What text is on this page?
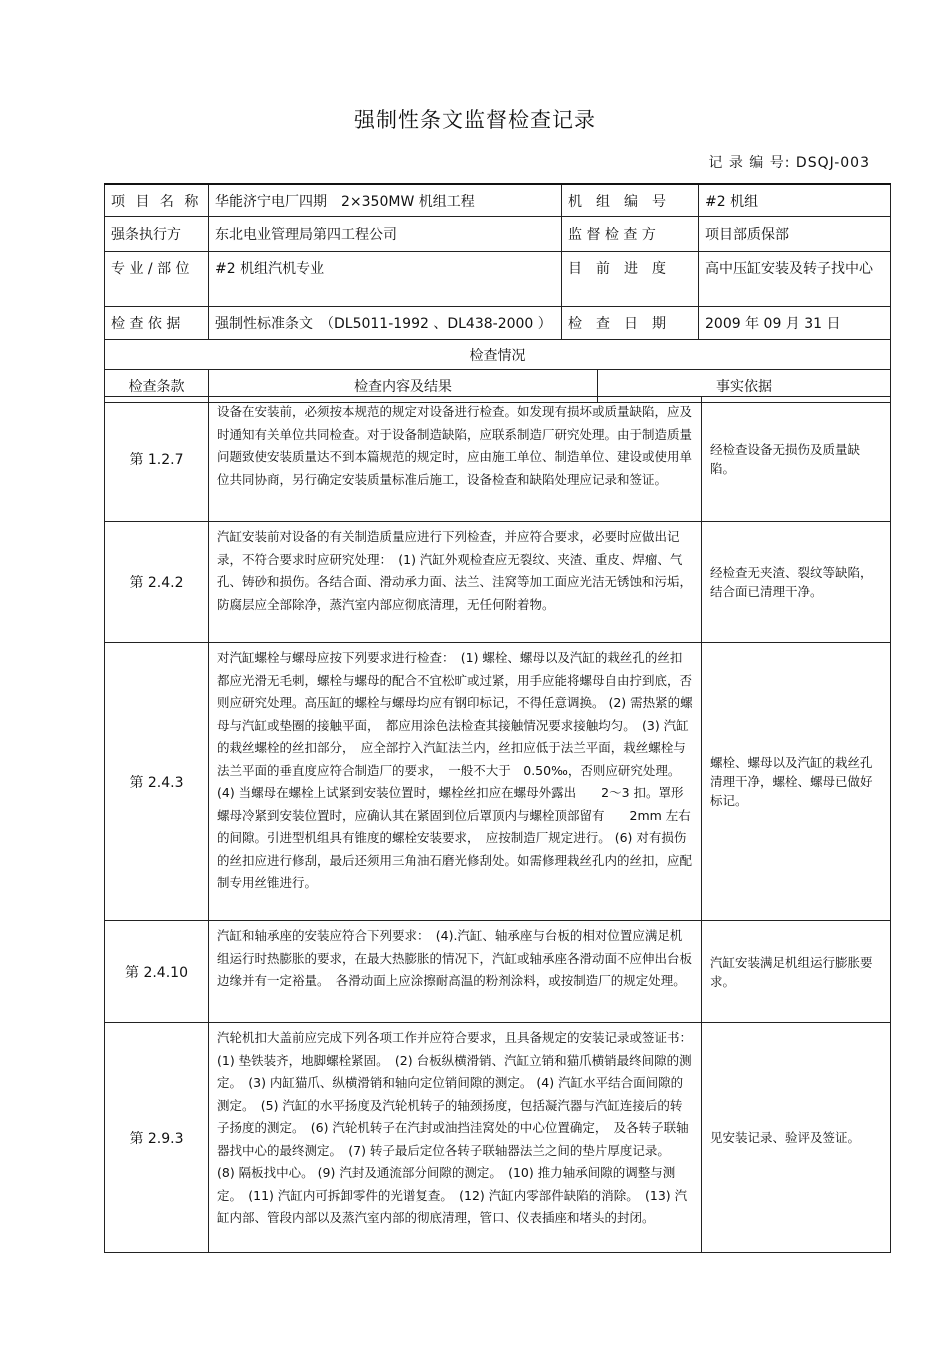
强制性条文监督检查记录
记 录 编 号: DSQJ-003
项 目 名 称	华能济宁电厂四期　2×350MW 机组工程	机　组　编　号 #2 机组	

强条执行方	东北电业管理局第四工程公司	监 督 检 查 方 项目部质保部	

专 业 / 部 位	#2 机组汽机专业	目　前　进　度 高中压缸安装及转子找中心	

检 查 依 据	强制性标准条文　（DL5011-1992 、DL438-2000 ）	检　查　日　期 2009 年 09 月 31 日	

检查情况			
检查条款	检查内容及结果		事实依据
第 1.2.7	设备在安装前，必须按本规范的规定对设备进行检查。如发现有损坏或质量缺陷，应及时通知有关单位共同检查。对于设备制造缺陷，应联系制造厂研究处理。由于制造质量问题致使安装质量达不到本篇规范的规定时，应由施工单位、制造单位、建设或使用单位共同协商，另行确定安装质量标准后施工，设备检查和缺陷处理应记录和签证。	经检查设备无损伤及质量缺陷。
第 2.4.2	汽缸安装前对设备的有关制造质量应进行下列检查，并应符合要求，必要时应做出记录，不符合要求时应研究处理：　(1) 汽缸外观检查应无裂纹、夹渣、重皮、焊瘤、气孔、铸砂和损伤。各结合面、滑动承力面、法兰、洼窝等加工面应光洁无锈蚀和污垢，防腐层应全部除净，蒸汽室内部应彻底清理，无任何附着物。	经检查无夹渣、裂纹等缺陷，结合面已清理干净。
第 2.4.3	对汽缸螺栓与螺母应按下列要求进行检查：　(1) 螺栓、螺母以及汽缸的栽丝孔的丝扣都应光滑无毛刺，螺栓与螺母的配合不宜松旷或过紧，用手应能将螺母自由拧到底，否则应研究处理。高压缸的螺栓与螺母均应有钢印标记，不得任意调换。 (2) 需热紧的螺母与汽缸或垫圈的接触平面，　都应用涂色法检查其接触情况要求接触均匀。　(3) 汽缸的栽丝螺栓的丝扣部分，　应全部拧入汽缸法兰内，丝扣应低于法兰平面，栽丝螺栓与法兰平面的垂直度应符合制造厂的要求，　一般不大于　0.50‰，否则应研究处理。 (4) 当螺母在螺栓上试紧到安装位置时，螺栓丝扣应在螺母外露出　　2～3 扣。罩形螺母冷紧到安装位置时，应确认其在紧固到位后罩顶内与螺栓顶部留有　　2mm 左右的间隙。引进型机组具有锥度的螺栓安装要求，　应按制造厂规定进行。 (6) 对有损伤的丝扣应进行修刮，最后还须用三角油石磨光修刮处。如需修理栽丝孔内的丝扣，应配制专用丝锥进行。	螺栓、螺母以及汽缸的栽丝孔清理干净，螺栓、螺母已做好标记。
第 2.4.10	汽缸和轴承座的安装应符合下列要求：　(4).汽缸、轴承座与台板的相对位置应满足机组运行时热膨胀的要求，在最大热膨胀的情况下，汽缸或轴承座各滑动面不应伸出台板边缘并有一定裕量。　各滑动面上应涂擦耐高温的粉剂涂料，或按制造厂的规定处理。	汽缸安装满足机组运行膨胀要求。
第 2.9.3	汽轮机扣大盖前应完成下列各项工作并应符合要求，且具备规定的安装记录或签证书： (1) 垫铁装齐，地脚螺栓紧固。　(2) 台板纵横滑销、汽缸立销和猫爪横销最终间隙的测定。　(3) 内缸猫爪、纵横滑销和轴向定位销间隙的测定。 (4) 汽缸水平结合面间隙的测定。　(5) 汽缸的水平扬度及汽轮机转子的轴颈扬度，包括凝汽器与汽缸连接后的转子扬度的测定。　(6) 汽轮机转子在汽封或油挡洼窝处的中心位置确定，　及各转子联轴器找中心的最终测定。　(7) 转子最后定位各转子联轴器法兰之间的垫片厚度记录。　(8) 隔板找中心。 (9) 汽封及通流部分间隙的测定。　(10) 推力轴承间隙的调整与测定。　(11) 汽缸内可拆卸零件的光谱复查。　(12) 汽缸内零部件缺陷的消除。　(13) 汽缸内部、管段内部以及蒸汽室内部的彻底清理，管口、仪表插座和堵头的封闭。	见安装记录、验评及签证。
